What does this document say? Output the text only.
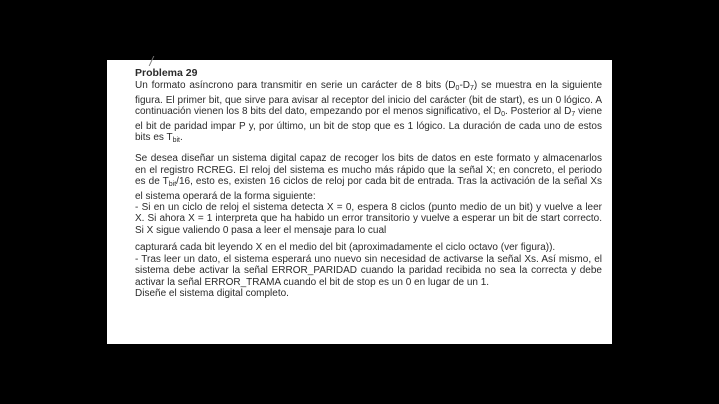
Problema 29

Un formato asíncrono para transmitir en serie un carácter de 8 bits $(D_0-D_7)$ se muestra en la siguiente figura. El primer bit, que sirve para avisar al receptor del inicio del carácter (bit de start), es un 0 lógico. A continuación vienen los 8 bits del dato, empezando por el menos significativo, el $D_0$. Posterior al $D_7$ viene el bit de paridad impar P y, por último, un bit de stop que es 1 lógico. La duración de cada uno de estos bits es $T_{bit}$.

Se desea diseñar un sistema digital capaz de recoger los bits de datos en este formato y almacenarlos en el registro RCREG. El reloj del sistema es mucho más rápido que la señal X; en concreto, el periodo es de $T_{bit}/16$, esto es, existen 16 ciclos de reloj por cada bit de entrada. Tras la activación de la señal Xs el sistema operará de la forma siguiente:

- Si en un ciclo de reloj el sistema detecta X = 0, espera 8 ciclos (punto medio de un bit) y vuelve a leer X. Si ahora X = 1 interpreta que ha habido un error transitorio y vuelve a esperar un bit de start correcto. Si X sigue valiendo 0 pasa a leer el mensaje para lo cual

capturará cada bit leyendo X en el medio del bit (aproximadamente el ciclo octavo (ver figura)).

- Tras leer un dato, el sistema esperará uno nuevo sin necesidad de activarse la señal Xs. Así mismo, el sistema debe activar la señal ERROR_PARIDAD cuando la paridad recibida no sea la correcta y debe activar la señal ERROR_TRAMA cuando el bit de stop es un 0 en lugar de un 1.

Diseñe el sistema digital completo.
